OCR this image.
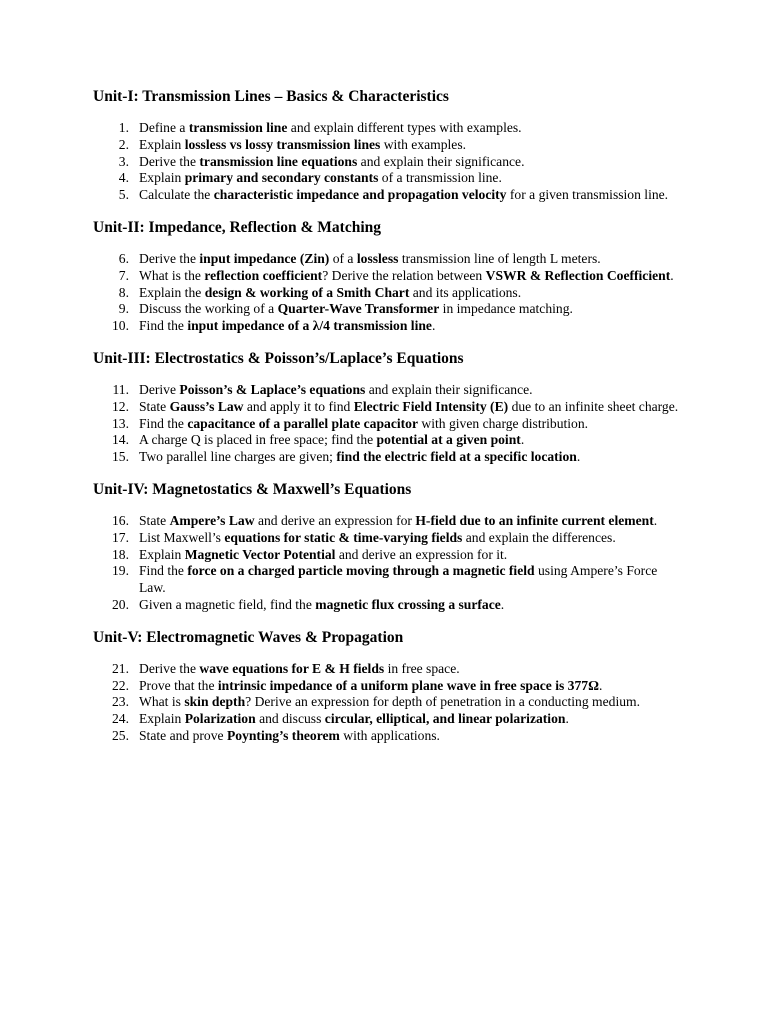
Unit-I: Transmission Lines – Basics & Characteristics
1. Define a transmission line and explain different types with examples.
2. Explain lossless vs lossy transmission lines with examples.
3. Derive the transmission line equations and explain their significance.
4. Explain primary and secondary constants of a transmission line.
5. Calculate the characteristic impedance and propagation velocity for a given transmission line.
Unit-II: Impedance, Reflection & Matching
6. Derive the input impedance (Zin) of a lossless transmission line of length L meters.
7. What is the reflection coefficient? Derive the relation between VSWR & Reflection Coefficient.
8. Explain the design & working of a Smith Chart and its applications.
9. Discuss the working of a Quarter-Wave Transformer in impedance matching.
10. Find the input impedance of a λ/4 transmission line.
Unit-III: Electrostatics & Poisson’s/Laplace’s Equations
11. Derive Poisson’s & Laplace’s equations and explain their significance.
12. State Gauss’s Law and apply it to find Electric Field Intensity (E) due to an infinite sheet charge.
13. Find the capacitance of a parallel plate capacitor with given charge distribution.
14. A charge Q is placed in free space; find the potential at a given point.
15. Two parallel line charges are given; find the electric field at a specific location.
Unit-IV: Magnetostatics & Maxwell’s Equations
16. State Ampere’s Law and derive an expression for H-field due to an infinite current element.
17. List Maxwell’s equations for static & time-varying fields and explain the differences.
18. Explain Magnetic Vector Potential and derive an expression for it.
19. Find the force on a charged particle moving through a magnetic field using Ampere’s Force Law.
20. Given a magnetic field, find the magnetic flux crossing a surface.
Unit-V: Electromagnetic Waves & Propagation
21. Derive the wave equations for E & H fields in free space.
22. Prove that the intrinsic impedance of a uniform plane wave in free space is 377Ω.
23. What is skin depth? Derive an expression for depth of penetration in a conducting medium.
24. Explain Polarization and discuss circular, elliptical, and linear polarization.
25. State and prove Poynting’s theorem with applications.
